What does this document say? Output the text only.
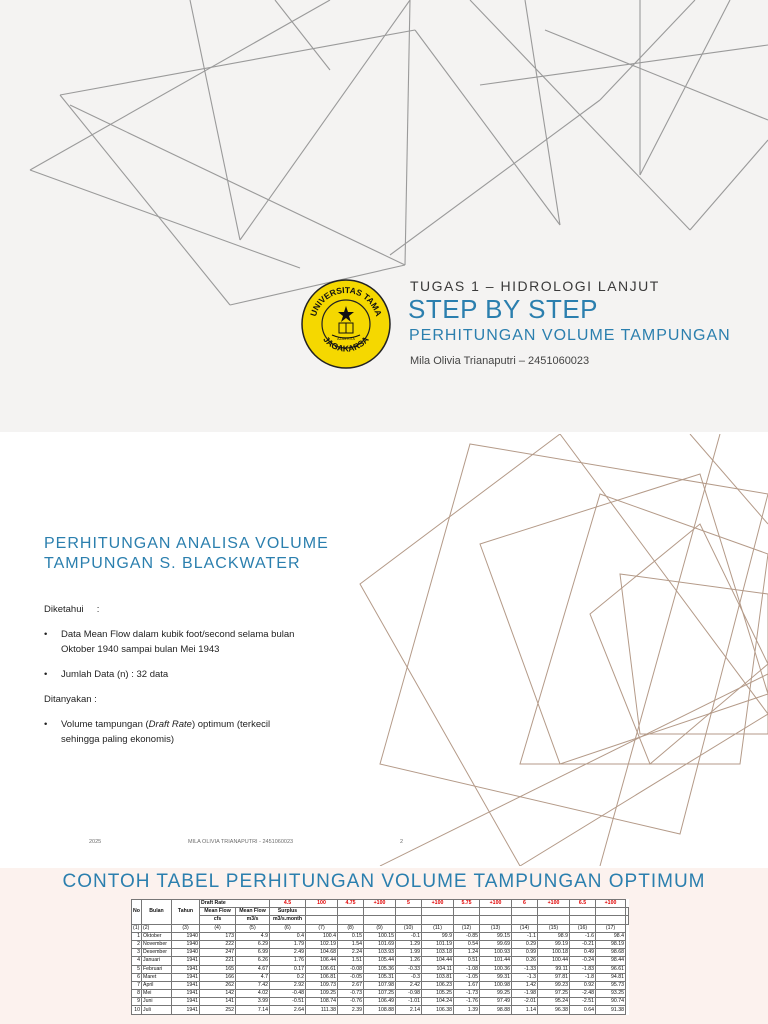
UNIVERSITAS TAMA
JAGAKARSA
AZAS KITA
TUGAS 1 – HIDROLOGI LANJUT
STEP BY STEP
PERHITUNGAN VOLUME TAMPUNGAN
Mila Olivia Trianaputri – 2451060023
PERHITUNGAN ANALISA VOLUME
TAMPUNGAN S. BLACKWATER
Diketahui     :
• Data Mean Flow dalam kubik foot/second selama bulan Oktober 1940 sampai bulan Mei 1943
• Jumlah Data (n) : 32 data
Ditanyakan :
• Volume tampungan (Draft Rate) optimum (terkecil sehingga paling ekonomis)
2025	MILA OLIVIA TRIANAPUTRI - 2451060023	2
CONTOH TABEL PERHITUNGAN VOLUME TAMPUNGAN OPTIMUM
No	Bulan	Tahun	Draft Rate		4.5	100	4.75	+100	5	+100	5.75	+100	6	+100	6.5	+100	
			Mean Flow	Mean Flow	Surplus												
			cfs	m3/s	m3/s.month												
(1)	(2)	(3)	(4)	(5)	(6)	(7)	(8)	(9)	(10)	(11)	(12)	(13)	(14)	(15)	(16)	(17)	
1	Oktober	1940	173	4.9	0.4	100.4	0.15	100.15	-0.1	99.9	-0.85	99.15	-1.1	98.9	-1.6	98.4	
2	November	1940	222	6.29	1.79	102.19	1.54	101.69	1.29	101.19	0.54	99.69	0.29	99.19	-0.21	98.19	
3	Desember	1940	247	6.99	2.49	104.68	2.24	103.93	1.99	103.18	1.24	100.93	0.99	100.18	0.49	98.68	
4	Januari	1941	221	6.26	1.76	106.44	1.51	105.44	1.26	104.44	0.51	101.44	0.26	100.44	-0.24	98.44	
5	Februari	1941	165	4.67	0.17	106.61	-0.08	105.36	-0.33	104.11	-1.08	100.36	-1.33	99.11	-1.83	96.61	
6	Maret	1941	166	4.7	0.2	106.81	-0.05	105.31	-0.3	103.81	-1.05	99.31	-1.3	97.81	-1.8	94.81	
7	April	1941	262	7.42	2.92	109.73	2.67	107.98	2.42	106.23	1.67	100.98	1.42	99.23	0.92	95.73	
8	Mei	1941	142	4.02	-0.48	109.25	-0.73	107.25	-0.98	105.25	-1.73	99.25	-1.98	97.25	-2.48	93.25	
9	Juni	1941	141	3.99	-0.51	108.74	-0.76	106.49	-1.01	104.24	-1.76	97.49	-2.01	95.24	-2.51	90.74	
10	Juli	1941	252	7.14	2.64	111.38	2.39	108.88	2.14	106.38	1.39	98.88	1.14	96.38	0.64	91.38	
